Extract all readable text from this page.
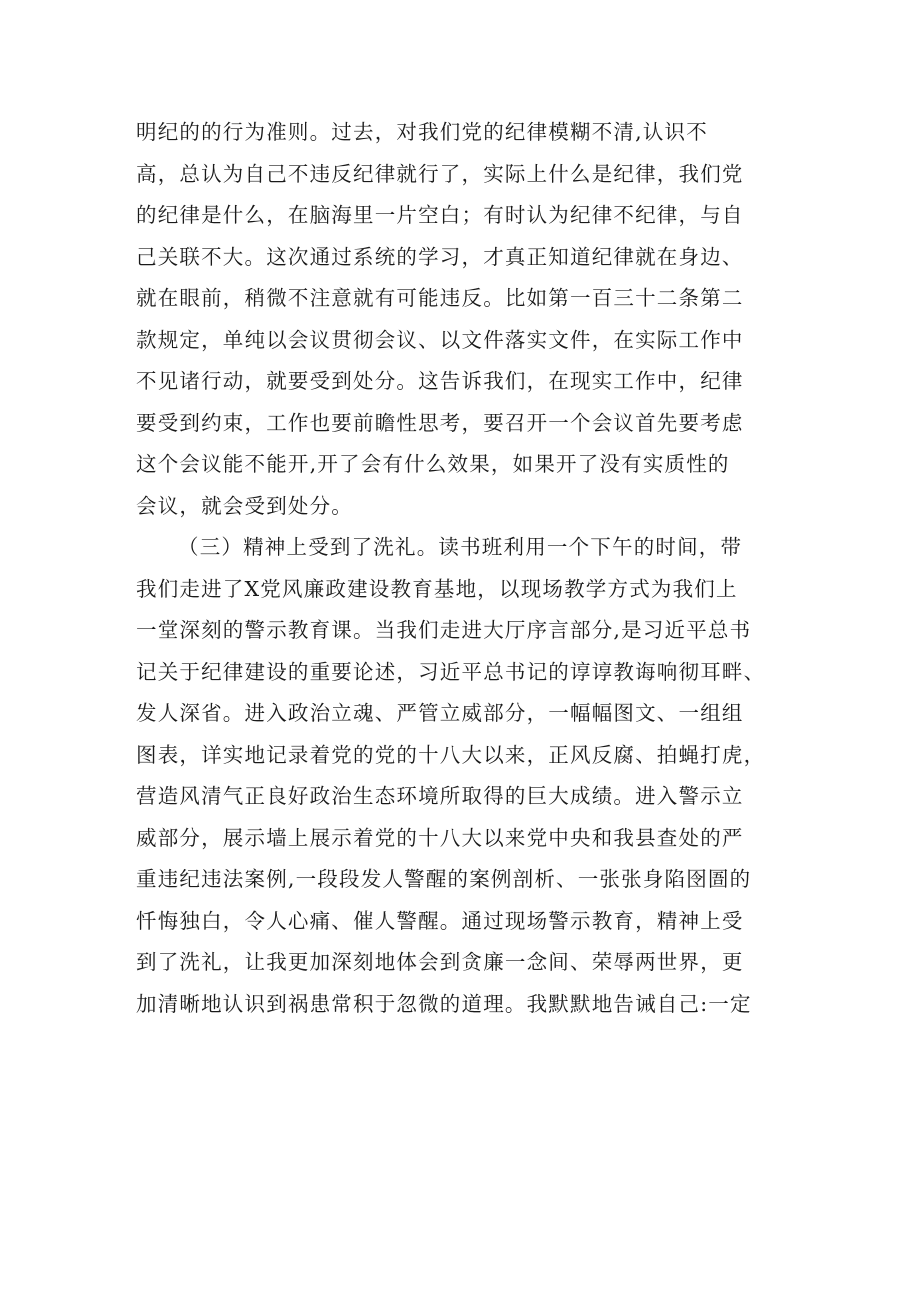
明纪的的行为准则。过去，对我们党的纪律模糊不清,认识不
高，总认为自己不违反纪律就行了，实际上什么是纪律，我们党
的纪律是什么，在脑海里一片空白；有时认为纪律不纪律，与自
己关联不大。这次通过系统的学习，才真正知道纪律就在身边、
就在眼前，稍微不注意就有可能违反。比如第一百三十二条第二
款规定，单纯以会议贯彻会议、以文件落实文件，在实际工作中
不见诸行动，就要受到处分。这告诉我们，在现实工作中，纪律
要受到约束，工作也要前瞻性思考，要召开一个会议首先要考虑
这个会议能不能开,开了会有什么效果，如果开了没有实质性的
会议，就会受到处分。
（三）精神上受到了洗礼。读书班利用一个下午的时间，带
我们走进了X党风廉政建设教育基地，以现场教学方式为我们上
一堂深刻的警示教育课。当我们走进大厅序言部分,是习近平总书
记关于纪律建设的重要论述，习近平总书记的谆谆教诲响彻耳畔、
发人深省。进入政治立魂、严管立威部分，一幅幅图文、一组组
图表，详实地记录着党的党的十八大以来，正风反腐、拍蝇打虎，
营造风清气正良好政治生态环境所取得的巨大成绩。进入警示立
威部分，展示墙上展示着党的十八大以来党中央和我县查处的严
重违纪违法案例,一段段发人警醒的案例剖析、一张张身陷囹圄的
忏悔独白，令人心痛、催人警醒。通过现场警示教育，精神上受
到了洗礼，让我更加深刻地体会到贪廉一念间、荣辱两世界，更
加清晰地认识到祸患常积于忽微的道理。我默默地告诫自己:一定
